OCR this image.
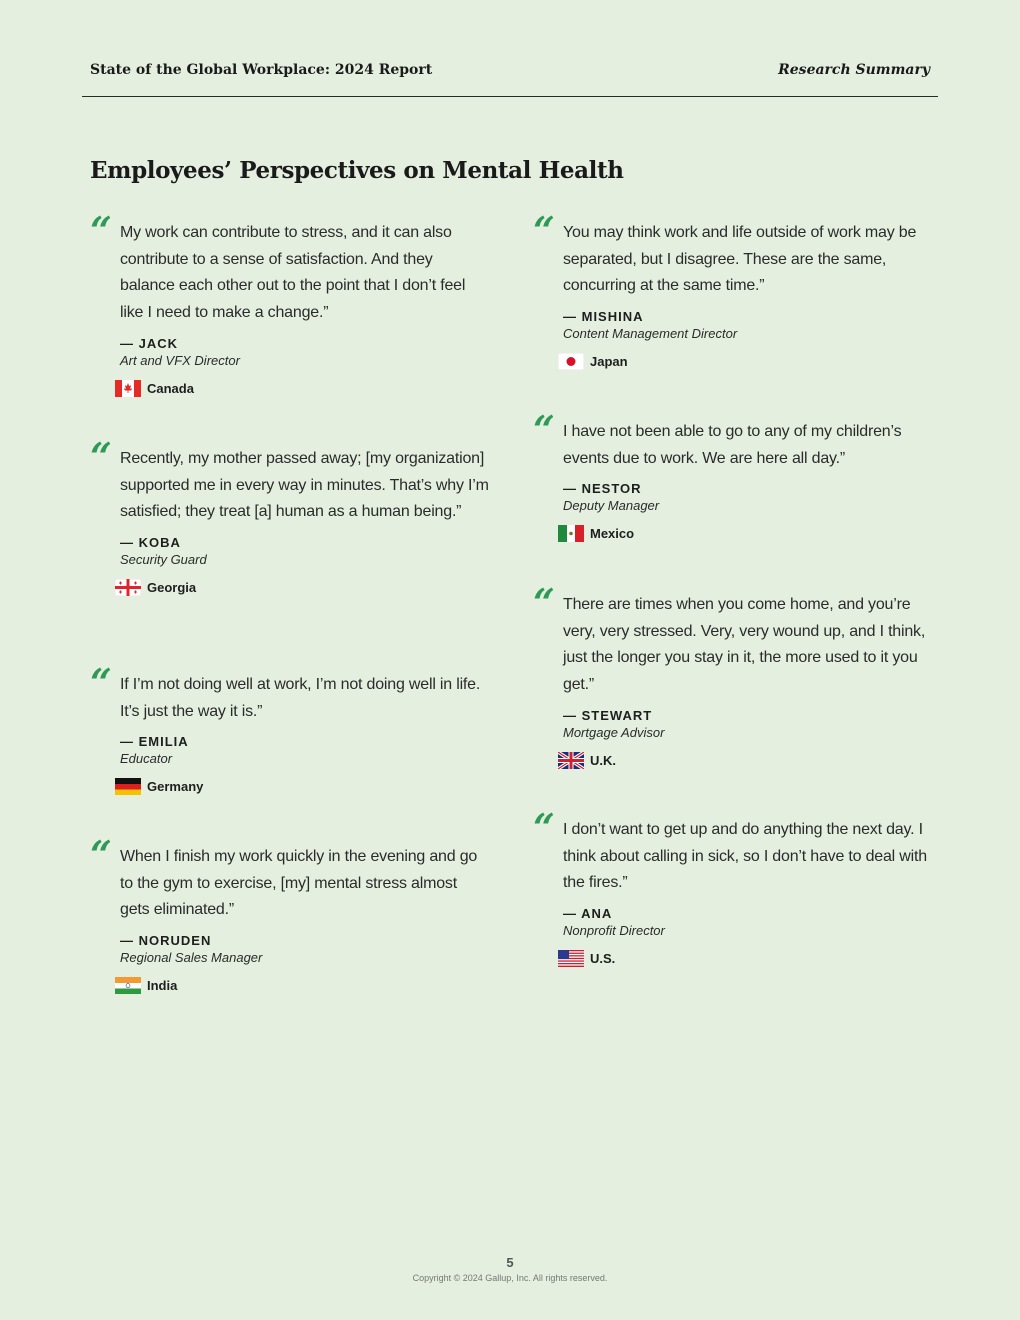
State of the Global Workplace: 2024 Report	Research Summary
Employees’ Perspectives on Mental Health
“ My work can contribute to stress, and it can also contribute to a sense of satisfaction. And they balance each other out to the point that I don’t feel like I need to make a change.”

— JACK
Art and VFX Director
Canada
“ Recently, my mother passed away; [my organization] supported me in every way in minutes. That’s why I’m satisfied; they treat [a] human as a human being.”

— KOBA
Security Guard
Georgia
“ If I’m not doing well at work, I’m not doing well in life. It’s just the way it is.”

— EMILIA
Educator
Germany
“ When I finish my work quickly in the evening and go to the gym to exercise, [my] mental stress almost gets eliminated.”

— NORUDEN
Regional Sales Manager
India
“ You may think work and life outside of work may be separated, but I disagree. These are the same, concurring at the same time.”

— MISHINA
Content Management Director
Japan
“ I have not been able to go to any of my children’s events due to work. We are here all day.”

— NESTOR
Deputy Manager
Mexico
“ There are times when you come home, and you’re very, very stressed. Very, very wound up, and I think, just the longer you stay in it, the more used to it you get.”

— STEWART
Mortgage Advisor
U.K.
“ I don’t want to get up and do anything the next day. I think about calling in sick, so I don’t have to deal with the fires.”

— ANA
Nonprofit Director
U.S.
5
Copyright © 2024 Gallup, Inc. All rights reserved.
